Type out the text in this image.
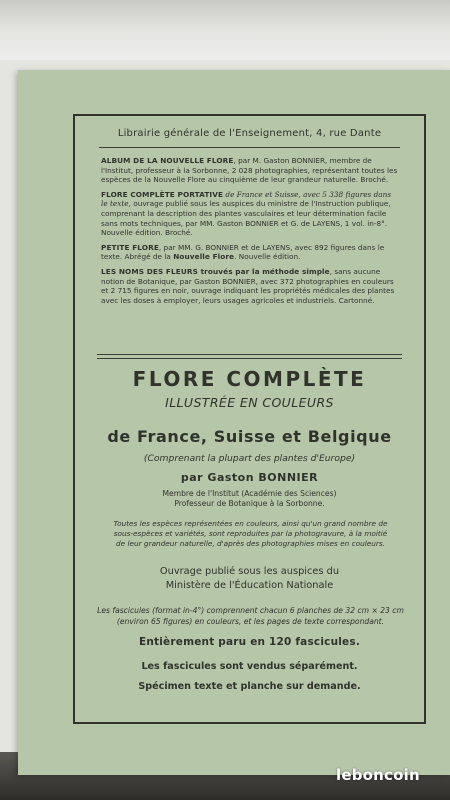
Librairie générale de l'Enseignement, 4, rue Dante
ALBUM DE LA NOUVELLE FLORE, par M. Gaston BONNIER, membre de l'Institut, professeur à la Sorbonne, 2 028 photographies, représentant toutes les espèces de la Nouvelle Flore au cinquième de leur grandeur naturelle. Broché.
FLORE COMPLÈTE PORTATIVE de France et Suisse, avec 5 338 figures dans le texte, ouvrage publié sous les auspices du ministre de l'Instruction publique, comprenant la description des plantes vasculaires et leur détermination facile sans mots techniques, par MM. Gaston BONNIER et G. de LAYENS, 1 vol. in-8°. Nouvelle édition. Broché.
PETITE FLORE, par MM. G. BONNIER et de LAYENS, avec 892 figures dans le texte. Abrégé de la Nouvelle Flore. Nouvelle édition.
LES NOMS DES FLEURS trouvés par la méthode simple, sans aucune notion de Botanique, par Gaston BONNIER, avec 372 photographies en couleurs et 2 715 figures en noir, ouvrage indiquant les propriétés médicales des plantes avec les doses à employer, leurs usages agricoles et industriels. Cartonné.
FLORE COMPLÈTE
ILLUSTRÉE EN COULEURS
de France, Suisse et Belgique
(Comprenant la plupart des plantes d'Europe)
par Gaston BONNIER
Membre de l'Institut (Académie des Sciences)
Professeur de Botanique à la Sorbonne.
Toutes les espèces représentées en couleurs, ainsi qu'un grand nombre de sous-espèces et variétés, sont reproduites par la photogravure, à la moitié de leur grandeur naturelle, d'après des photographies mises en couleurs.
Ouvrage publié sous les auspices du
Ministère de l'Éducation Nationale
Les fascicules (format in-4°) comprennent chacun 6 planches de 32 cm × 23 cm (environ 65 figures) en couleurs, et les pages de texte correspondant.
Entièrement paru en 120 fascicules.
Les fascicules sont vendus séparément.
Spécimen texte et planche sur demande.
leboncoin
